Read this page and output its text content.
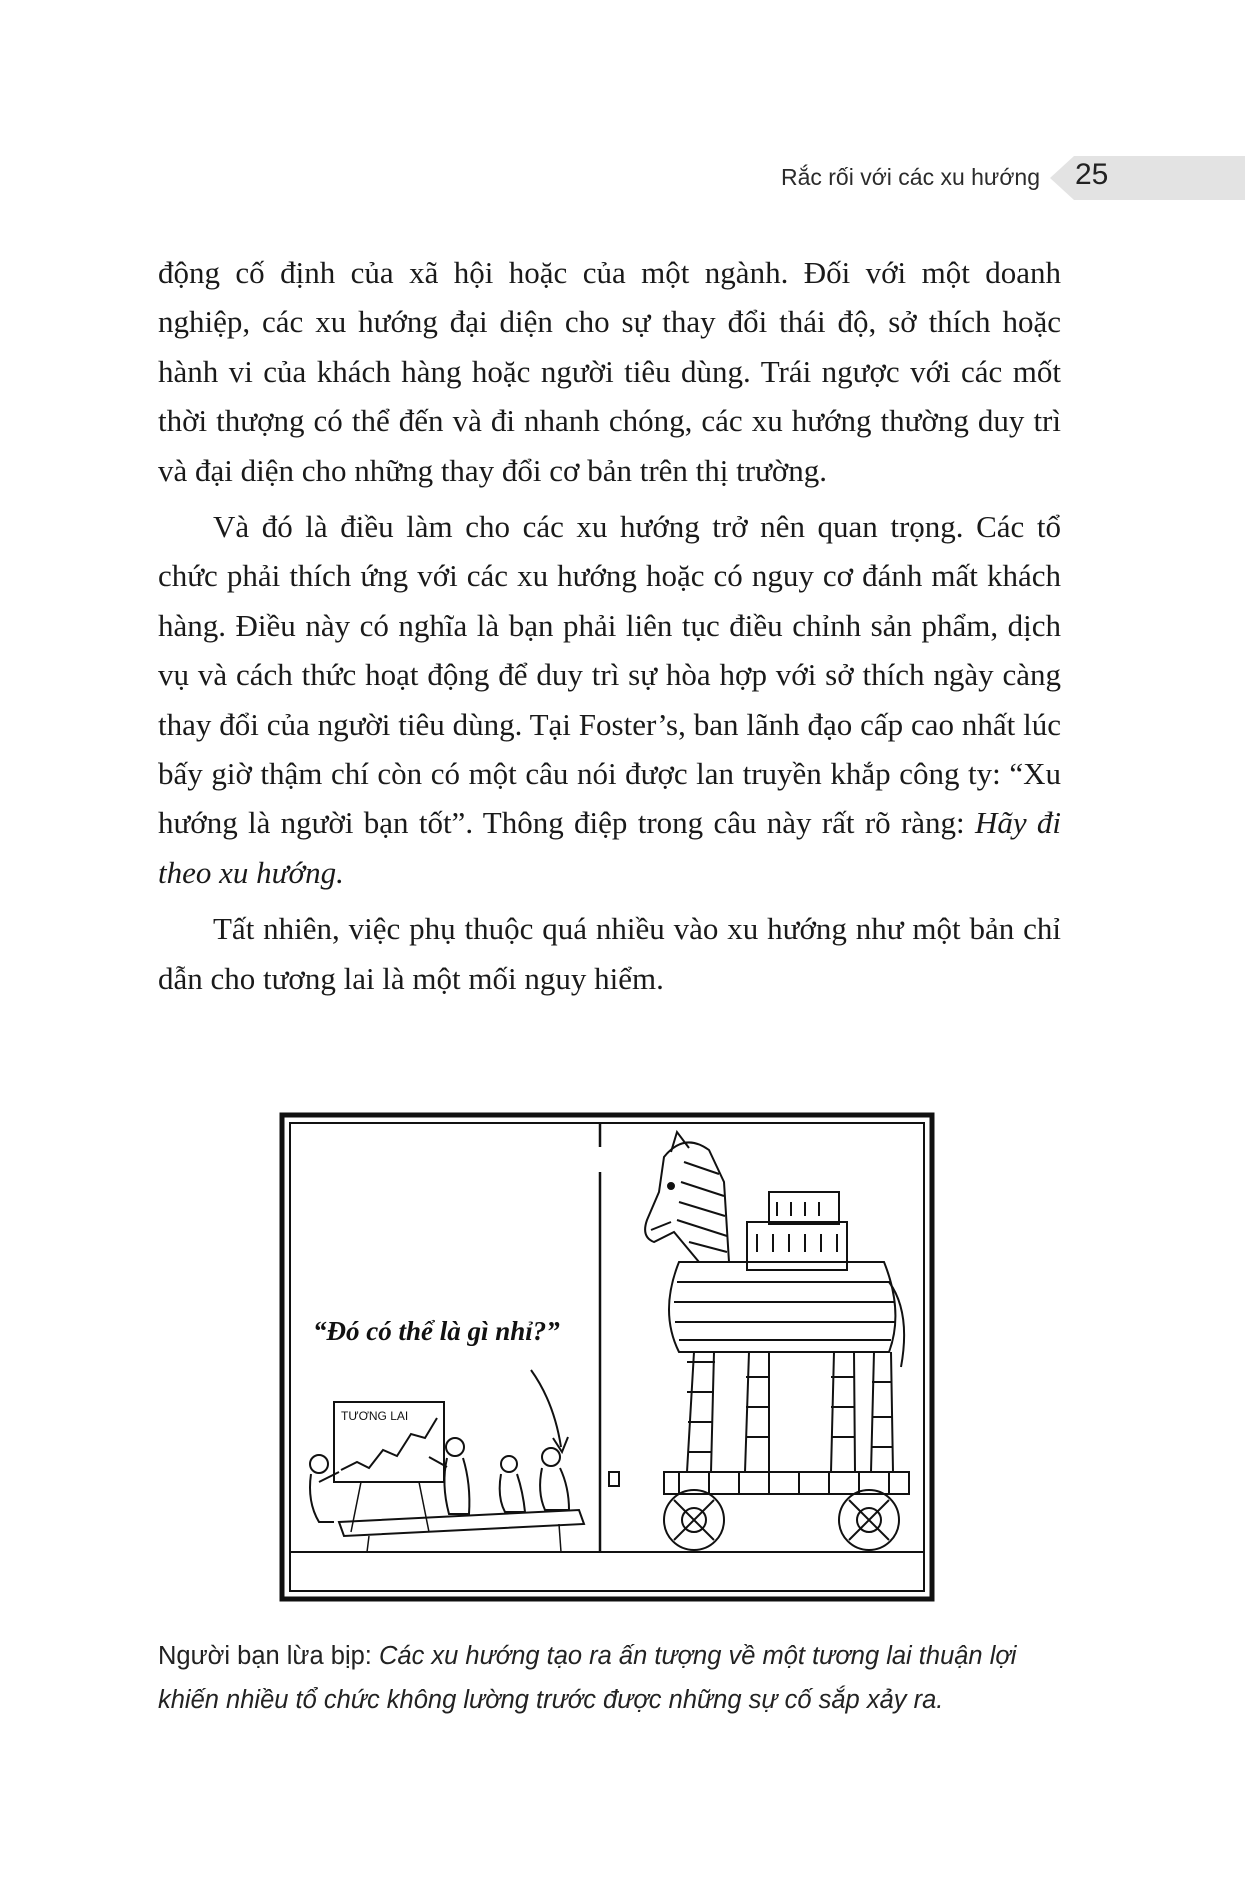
Rắc rối với các xu hướng 25

động cố định của xã hội hoặc của một ngành. Đối với một doanh nghiệp, các xu hướng đại diện cho sự thay đổi thái độ, sở thích hoặc hành vi của khách hàng hoặc người tiêu dùng. Trái ngược với các mốt thời thượng có thể đến và đi nhanh chóng, các xu hướng thường duy trì và đại diện cho những thay đổi cơ bản trên thị trường.

Và đó là điều làm cho các xu hướng trở nên quan trọng. Các tổ chức phải thích ứng với các xu hướng hoặc có nguy cơ đánh mất khách hàng. Điều này có nghĩa là bạn phải liên tục điều chỉnh sản phẩm, dịch vụ và cách thức hoạt động để duy trì sự hòa hợp với sở thích ngày càng thay đổi của người tiêu dùng. Tại Foster’s, ban lãnh đạo cấp cao nhất lúc bấy giờ thậm chí còn có một câu nói được lan truyền khắp công ty: “Xu hướng là người bạn tốt”. Thông điệp trong câu này rất rõ ràng: Hãy đi theo xu hướng.

Tất nhiên, việc phụ thuộc quá nhiều vào xu hướng như một bản chỉ dẫn cho tương lai là một mối nguy hiểm.

“Đó có thể là gì nhỉ?”
TƯƠNG LAI
Người bạn lừa bịp: Các xu hướng tạo ra ấn tượng về một tương lai thuận lợi khiến nhiều tổ chức không lường trước được những sự cố sắp xảy ra.
